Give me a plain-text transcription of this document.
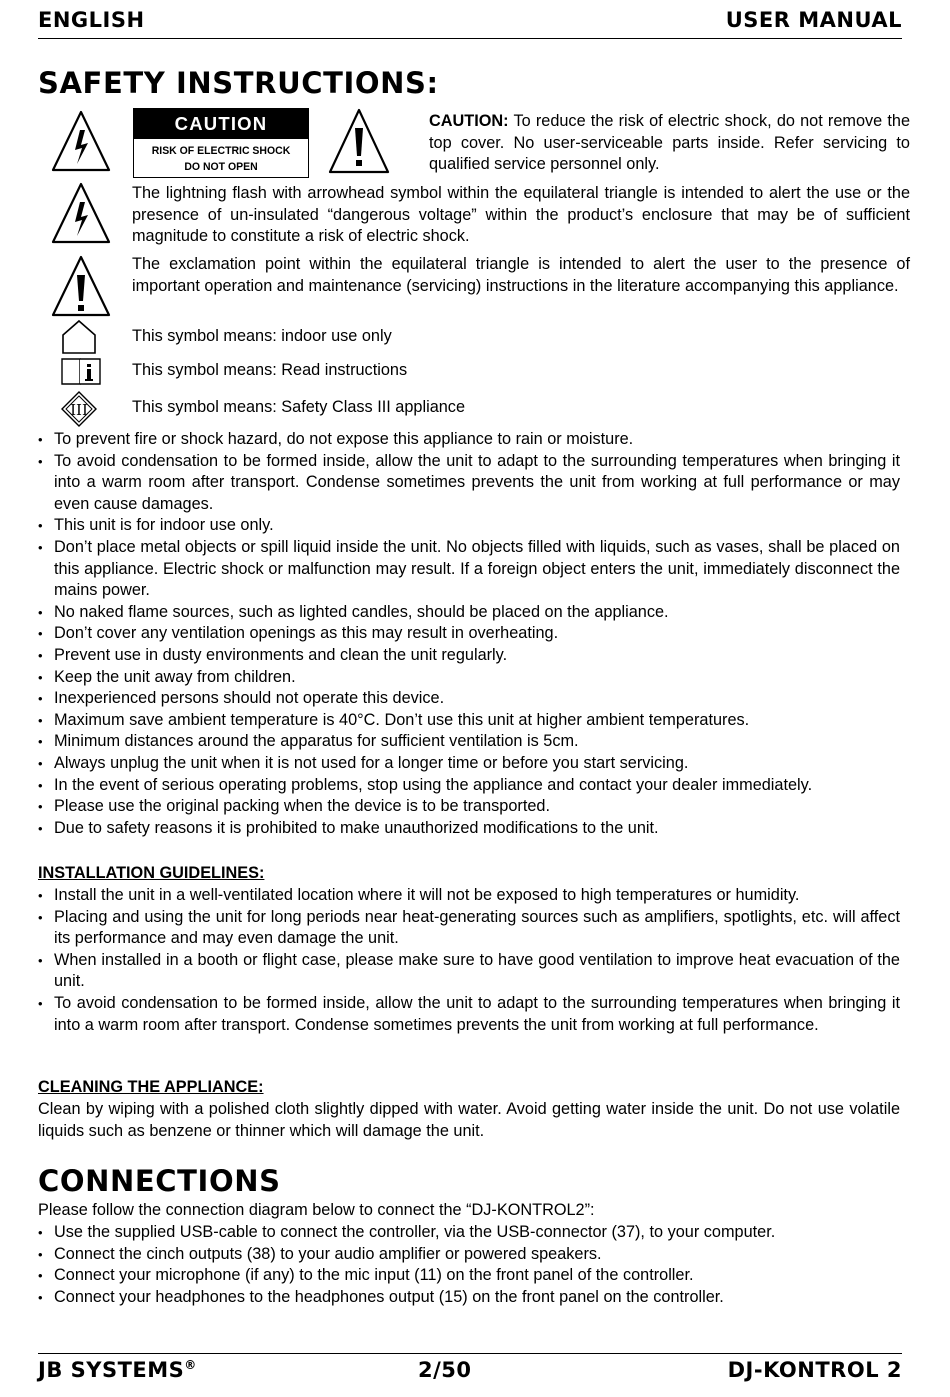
ENGLISH	USER MANUAL
SAFETY INSTRUCTIONS:
CAUTION
RISK OF ELECTRIC SHOCK
DO NOT OPEN
CAUTION: To reduce the risk of electric shock, do not remove the top cover. No user-serviceable parts inside. Refer servicing to qualified service personnel only.
The lightning flash with arrowhead symbol within the equilateral triangle is intended to alert the use or the presence of un-insulated “dangerous voltage” within the product’s enclosure that may be of sufficient magnitude to constitute a risk of electric shock.
The exclamation point within the equilateral triangle is intended to alert the user to the presence of important operation and maintenance (servicing) instructions in the literature accompanying this appliance.
This symbol means: indoor use only
This symbol means: Read instructions
III	This symbol means: Safety Class III appliance
• To prevent fire or shock hazard, do not expose this appliance to rain or moisture.
• To avoid condensation to be formed inside, allow the unit to adapt to the surrounding temperatures when bringing it into a warm room after transport. Condense sometimes prevents the unit from working at full performance or may even cause damages.
• This unit is for indoor use only.
• Don’t place metal objects or spill liquid inside the unit. No objects filled with liquids, such as vases, shall be placed on this appliance. Electric shock or malfunction may result. If a foreign object enters the unit, immediately disconnect the mains power.
• No naked flame sources, such as lighted candles, should be placed on the appliance.
• Don’t cover any ventilation openings as this may result in overheating.
• Prevent use in dusty environments and clean the unit regularly.
• Keep the unit away from children.
• Inexperienced persons should not operate this device.
• Maximum save ambient temperature is 40°C. Don’t use this unit at higher ambient temperatures.
• Minimum distances around the apparatus for sufficient ventilation is 5cm.
• Always unplug the unit when it is not used for a longer time or before you start servicing.
• In the event of serious operating problems, stop using the appliance and contact your dealer immediately.
• Please use the original packing when the device is to be transported.
• Due to safety reasons it is prohibited to make unauthorized modifications to the unit.
INSTALLATION GUIDELINES:
• Install the unit in a well-ventilated location where it will not be exposed to high temperatures or humidity.
• Placing and using the unit for long periods near heat-generating sources such as amplifiers, spotlights, etc. will affect its performance and may even damage the unit.
• When installed in a booth or flight case, please make sure to have good ventilation to improve heat evacuation of the unit.
• To avoid condensation to be formed inside, allow the unit to adapt to the surrounding temperatures when bringing it into a warm room after transport. Condense sometimes prevents the unit from working at full performance.
CLEANING THE APPLIANCE:
Clean by wiping with a polished cloth slightly dipped with water. Avoid getting water inside the unit. Do not use volatile liquids such as benzene or thinner which will damage the unit.
CONNECTIONS
Please follow the connection diagram below to connect the “DJ-KONTROL2”:
• Use the supplied USB-cable to connect the controller, via the USB-connector (37), to your computer.
• Connect the cinch outputs (38) to your audio amplifier or powered speakers.
• Connect your microphone (if any) to the mic input (11) on the front panel of the controller.
• Connect your headphones to the headphones output (15) on the front panel on the controller.
JB SYSTEMS®	2/50	DJ-KONTROL 2
